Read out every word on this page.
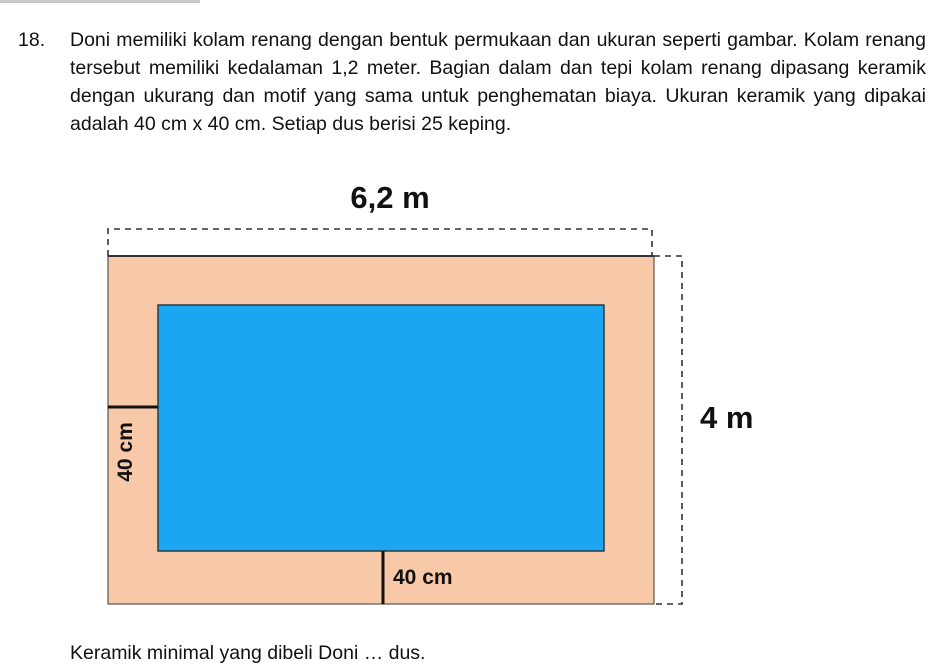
18. Doni memiliki kolam renang dengan bentuk permukaan dan ukuran seperti gambar. Kolam renang tersebut memiliki kedalaman 1,2 meter. Bagian dalam dan tepi kolam renang dipasang keramik dengan ukurang dan motif yang sama untuk penghematan biaya. Ukuran keramik yang dipakai adalah 40 cm x 40 cm. Setiap dus berisi 25 keping.

6,2 m
4 m
40 cm
40 cm

Keramik minimal yang dibeli Doni … dus.
